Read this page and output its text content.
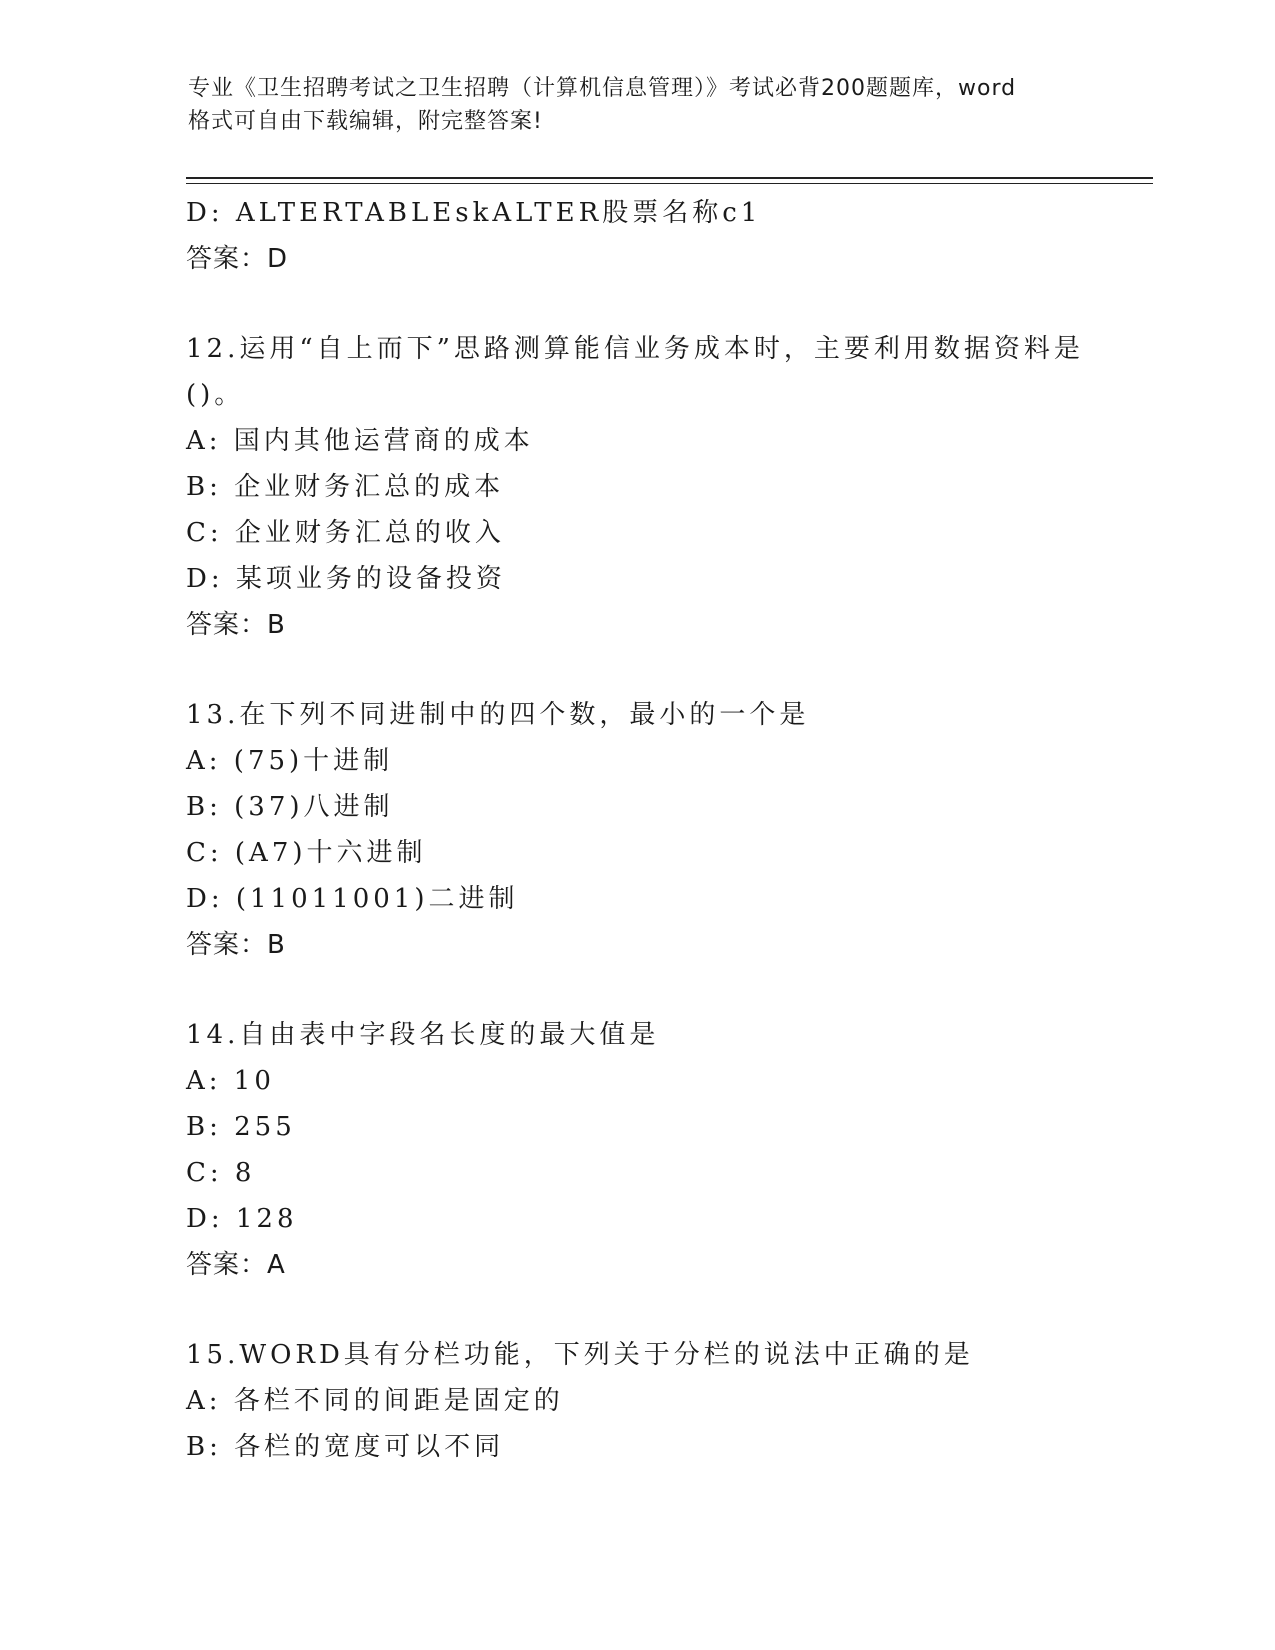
专业《卫生招聘考试之卫生招聘（计算机信息管理）》考试必背200题题库，word
格式可自由下载编辑，附完整答案!
D: ALTERTABLEskALTER股票名称c1
答案：D
12.运用“自上而下”思路测算能信业务成本时，主要利用数据资料是
()。
A: 国内其他运营商的成本
B: 企业财务汇总的成本
C: 企业财务汇总的收入
D: 某项业务的设备投资
答案：B
13.在下列不同进制中的四个数，最小的一个是
A: (75)十进制
B: (37)八进制
C: (A7)十六进制
D: (11011001)二进制
答案：B
14.自由表中字段名长度的最大值是
A: 10
B: 255
C: 8
D: 128
答案：A
15.WORD具有分栏功能，下列关于分栏的说法中正确的是
A: 各栏不同的间距是固定的
B: 各栏的宽度可以不同
